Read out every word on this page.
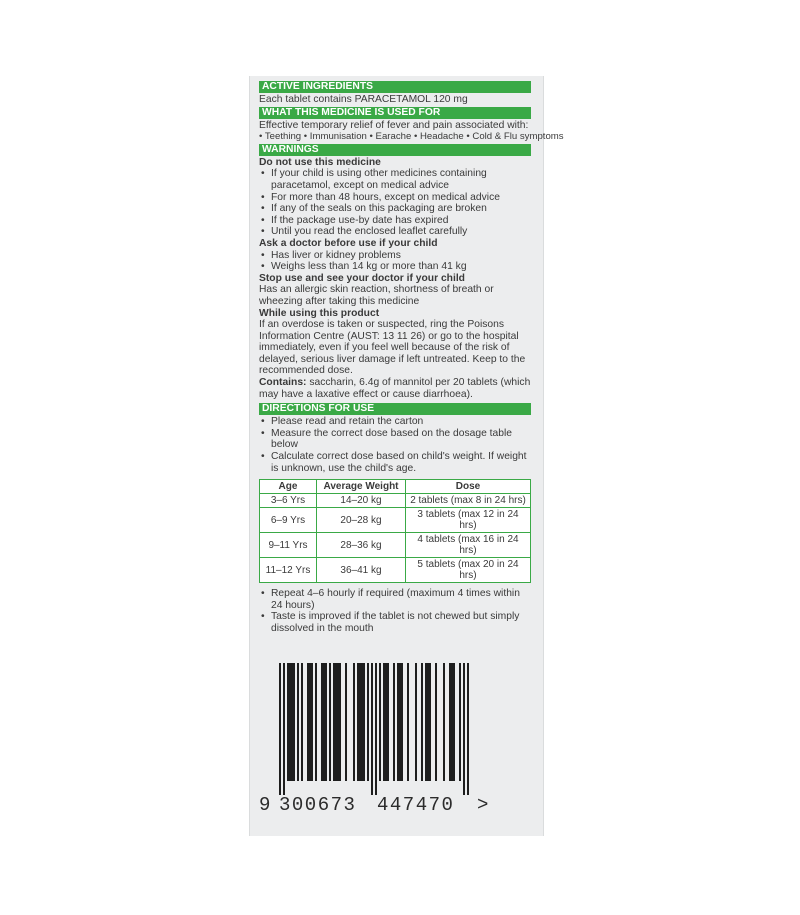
ACTIVE INGREDIENTS

Each tablet contains PARACETAMOL 120 mg

WHAT THIS MEDICINE IS USED FOR

Effective temporary relief of fever and pain associated with:

• Teething • Immunisation • Earache • Headache • Cold & Flu symptoms

WARNINGS

Do not use this medicine

• If your child is using other medicines containing paracetamol, except on medical advice
• For more than 48 hours, except on medical advice
• If any of the seals on this packaging are broken
• If the package use-by date has expired
• Until you read the enclosed leaflet carefully

Ask a doctor before use if your child

• Has liver or kidney problems
• Weighs less than 14 kg or more than 41 kg

Stop use and see your doctor if your child

Has an allergic skin reaction, shortness of breath or wheezing after taking this medicine

While using this product

If an overdose is taken or suspected, ring the Poisons Information Centre (AUST: 13 11 26) or go to the hospital immediately, even if you feel well because of the risk of delayed, serious liver damage if left untreated. Keep to the recommended dose.

Contains: saccharin, 6.4g of mannitol per 20 tablets (which may have a laxative effect or cause diarrhoea).

DIRECTIONS FOR USE
• Please read and retain the carton
• Measure the correct dose based on the dosage table below
• Calculate correct dose based on child's weight. If weight is unknown, use the child's age.
Age	Average Weight	Dose
3–6 Yrs	14–20 kg	2 tablets (max 8 in 24 hrs)
6–9 Yrs	20–28 kg	3 tablets (max 12 in 24 hrs)
9–11 Yrs	28–36 kg	4 tablets (max 16 in 24 hrs)
11–12 Yrs	36–41 kg	5 tablets (max 20 in 24 hrs)
• Repeat 4–6 hourly if required (maximum 4 times within 24 hours)
• Taste is improved if the tablet is not chewed but simply dissolved in the mouth
9 300673 447470 >
